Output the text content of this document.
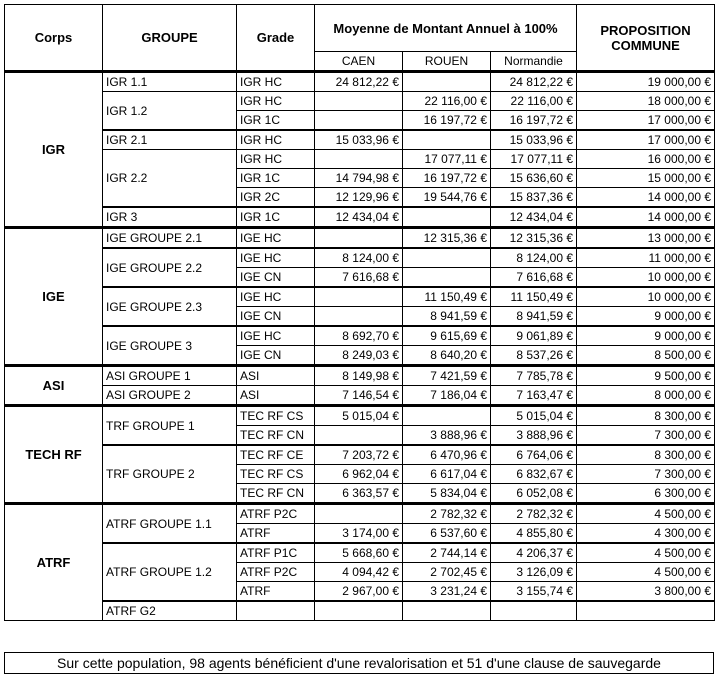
Corps	GROUPE	Grade	Moyenne de Montant Annuel à 100%			PROPOSITION COMMUNE
			CAEN	ROUEN	Normandie	
IGR	IGR 1.1	IGR HC	24 812,22 €		24 812,22 €	19 000,00 €
	IGR 1.2	IGR HC		22 116,00 €	22 116,00 €	18 000,00 €
		IGR 1C		16 197,72 €	16 197,72 €	17 000,00 €
	IGR 2.1	IGR HC	15 033,96 €		15 033,96 €	17 000,00 €
	IGR 2.2	IGR HC		17 077,11 €	17 077,11 €	16 000,00 €
		IGR 1C	14 794,98 €	16 197,72 €	15 636,60 €	15 000,00 €
		IGR 2C	12 129,96 €	19 544,76 €	15 837,36 €	14 000,00 €
	IGR 3	IGR 1C	12 434,04 €		12 434,04 €	14 000,00 €
IGE	IGE GROUPE 2.1	IGE HC		12 315,36 €	12 315,36 €	13 000,00 €
	IGE GROUPE 2.2	IGE HC	8 124,00 €		8 124,00 €	11 000,00 €
		IGE CN	7 616,68 €		7 616,68 €	10 000,00 €
	IGE GROUPE 2.3	IGE HC		11 150,49 €	11 150,49 €	10 000,00 €
		IGE CN		8 941,59 €	8 941,59 €	9 000,00 €
	IGE GROUPE 3	IGE HC	8 692,70 €	9 615,69 €	9 061,89 €	9 000,00 €
		IGE CN	8 249,03 €	8 640,20 €	8 537,26 €	8 500,00 €
ASI	ASI GROUPE 1	ASI	8 149,98 €	7 421,59 €	7 785,78 €	9 500,00 €
	ASI GROUPE 2	ASI	7 146,54 €	7 186,04 €	7 163,47 €	8 000,00 €
TECH RF	TRF GROUPE 1	TEC RF CS	5 015,04 €		5 015,04 €	8 300,00 €
		TEC RF CN		3 888,96 €	3 888,96 €	7 300,00 €
	TRF GROUPE 2	TEC RF CE	7 203,72 €	6 470,96 €	6 764,06 €	8 300,00 €
		TEC RF CS	6 962,04 €	6 617,04 €	6 832,67 €	7 300,00 €
		TEC RF CN	6 363,57 €	5 834,04 €	6 052,08 €	6 300,00 €
ATRF	ATRF GROUPE 1.1	ATRF P2C		2 782,32 €	2 782,32 €	4 500,00 €
		ATRF	3 174,00 €	6 537,60 €	4 855,80 €	4 300,00 €
	ATRF GROUPE 1.2	ATRF P1C	5 668,60 €	2 744,14 €	4 206,37 €	4 500,00 €
		ATRF P2C	4 094,42 €	2 702,45 €	3 126,09 €	4 500,00 €
		ATRF	2 967,00 €	3 231,24 €	3 155,74 €	3 800,00 €
	ATRF G2					
Sur cette population, 98 agents bénéficient d'une revalorisation et 51 d'une clause de sauvegarde
